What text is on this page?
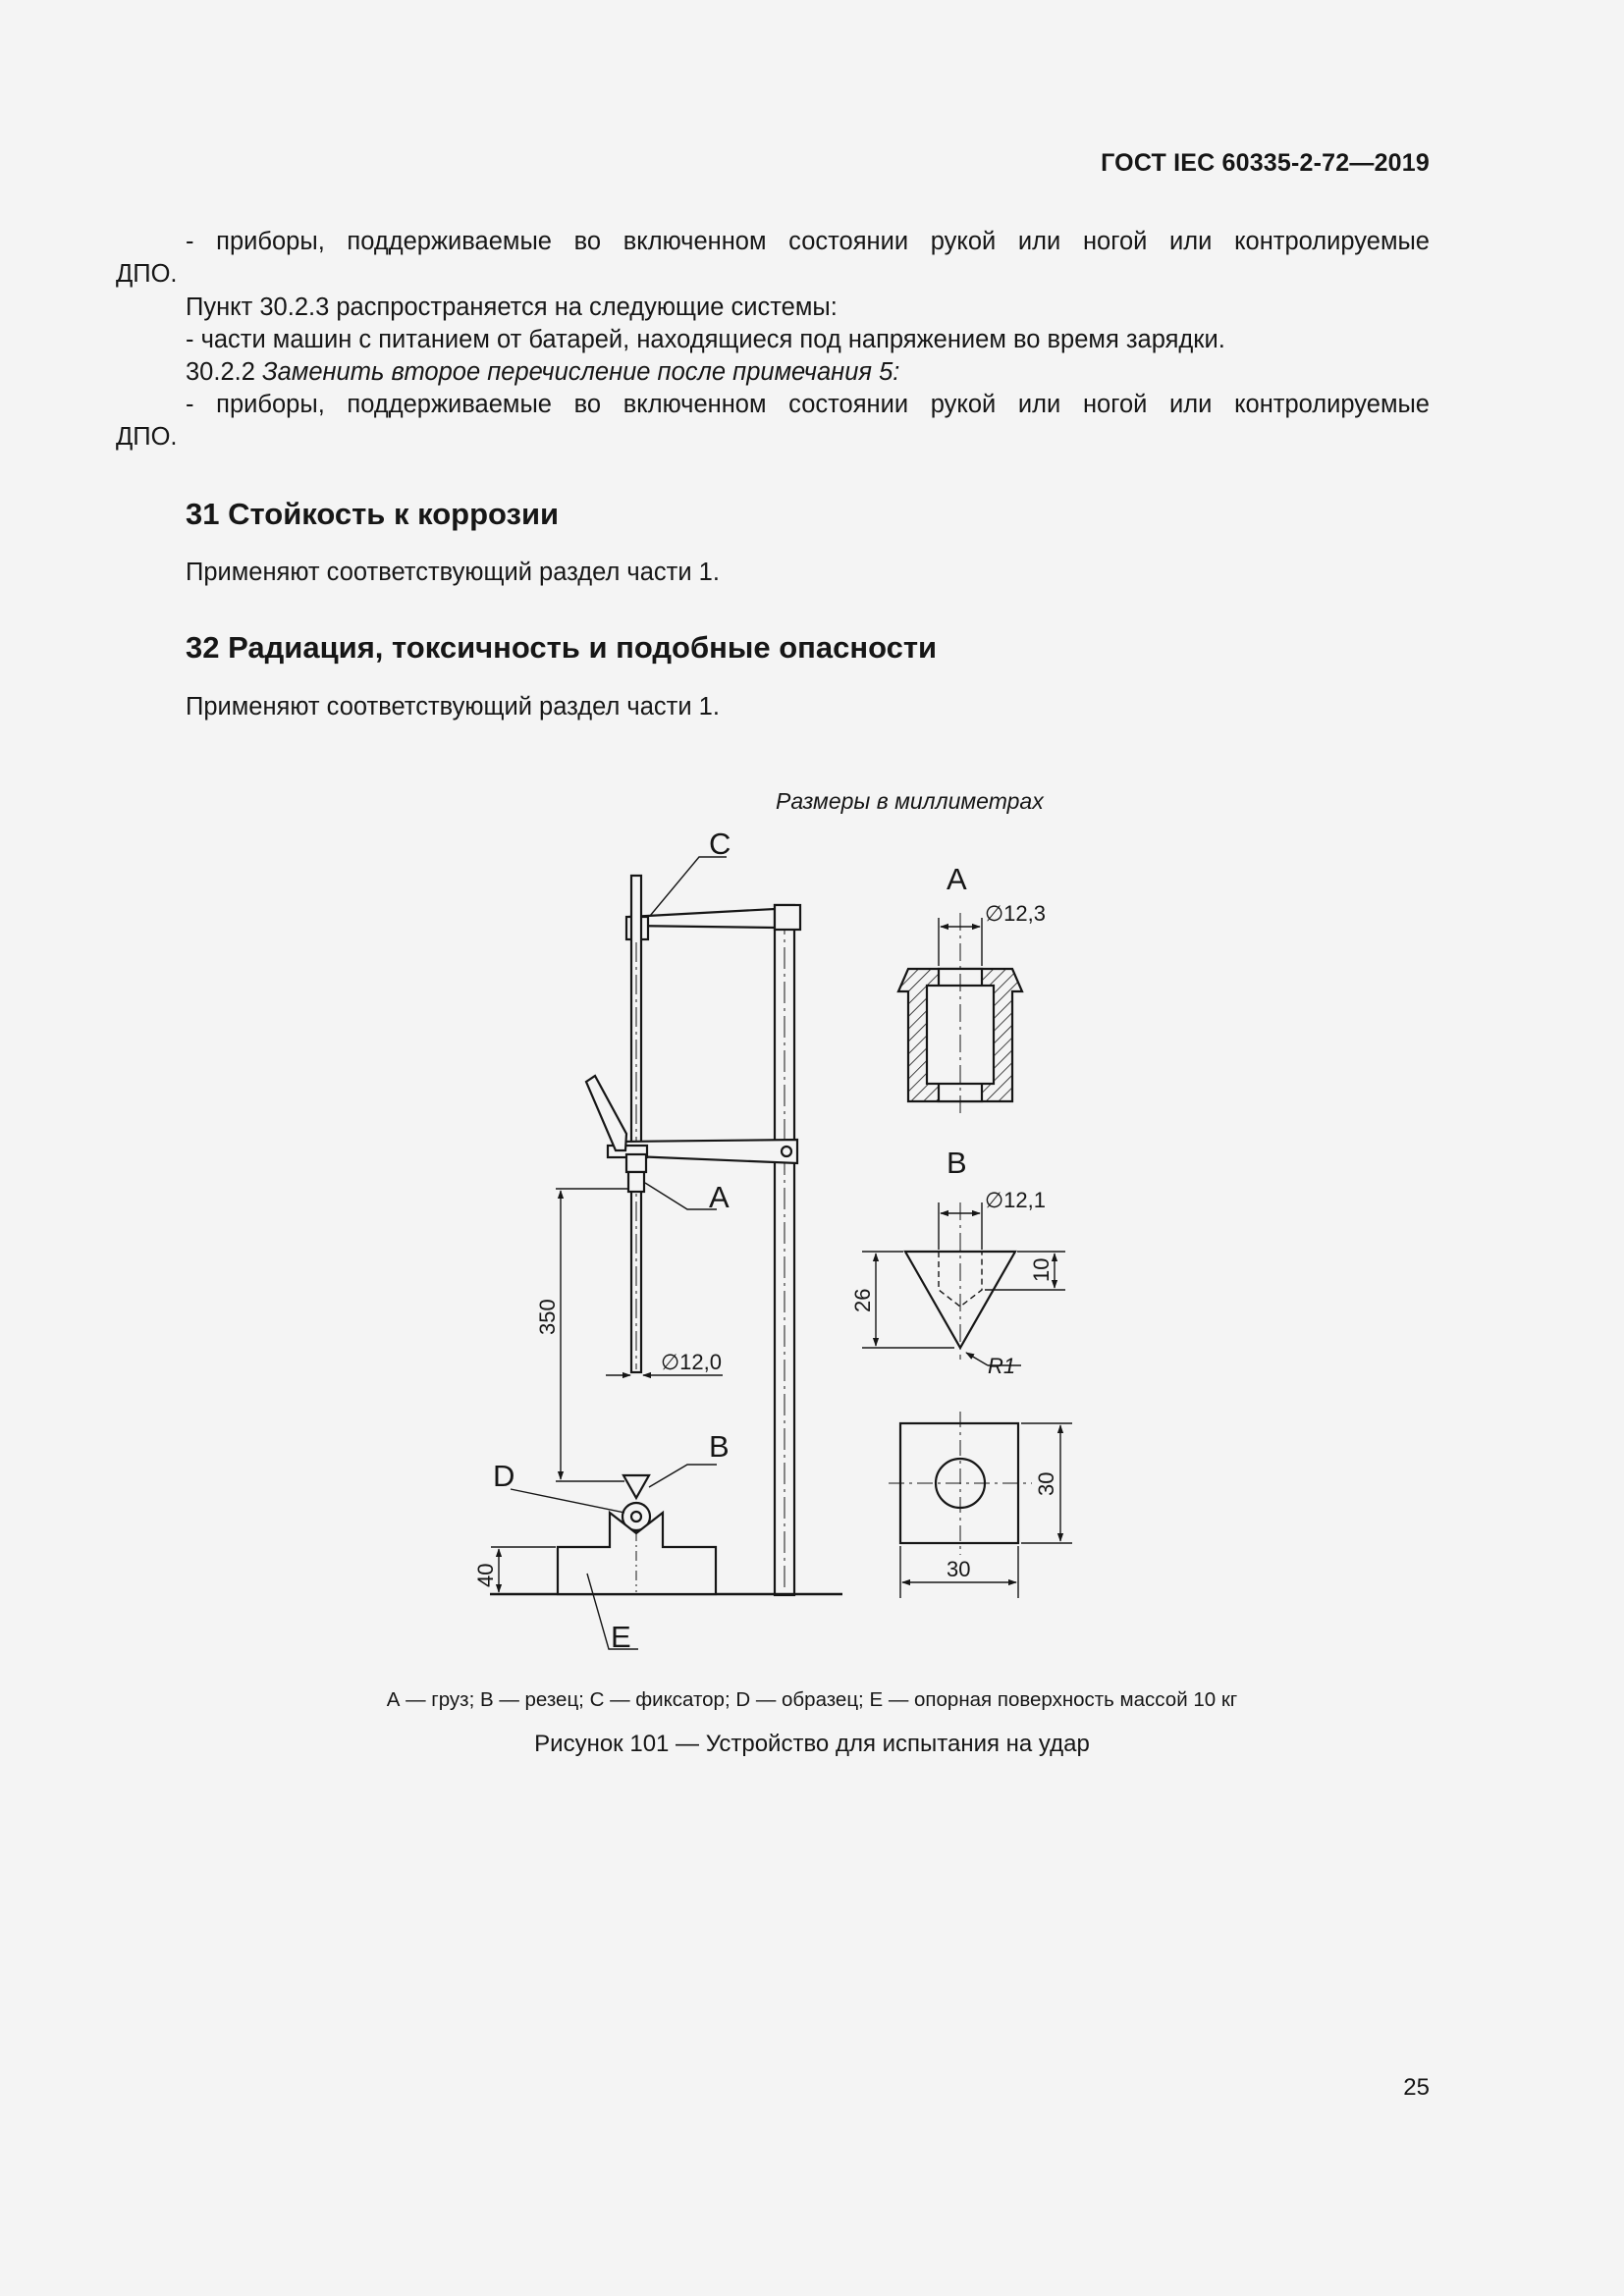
ГОСТ IEC 60335-2-72—2019
- приборы, поддерживаемые во включенном состоянии рукой или ногой или контролируемые
ДПО.
Пункт 30.2.3 распространяется на следующие системы:
- части машин с питанием от батарей, находящиеся под напряжением во время зарядки.
30.2.2 Заменить второе перечисление после примечания 5:
- приборы, поддерживаемые во включенном состоянии рукой или ногой или контролируемые
ДПО.
31 Стойкость к коррозии
Применяют соответствующий раздел части 1.
32 Радиация, токсичность и подобные опасности
Применяют соответствующий раздел части 1.
Размеры в миллиметрах
C
A
B
D
E
A
B
350
∅12,0
40
∅12,3
∅12,1
26
10
R1
30
30
А — груз; В — резец; С — фиксатор; D — образец; Е — опорная поверхность массой 10 кг
Рисунок 101 — Устройство для испытания на удар
25
